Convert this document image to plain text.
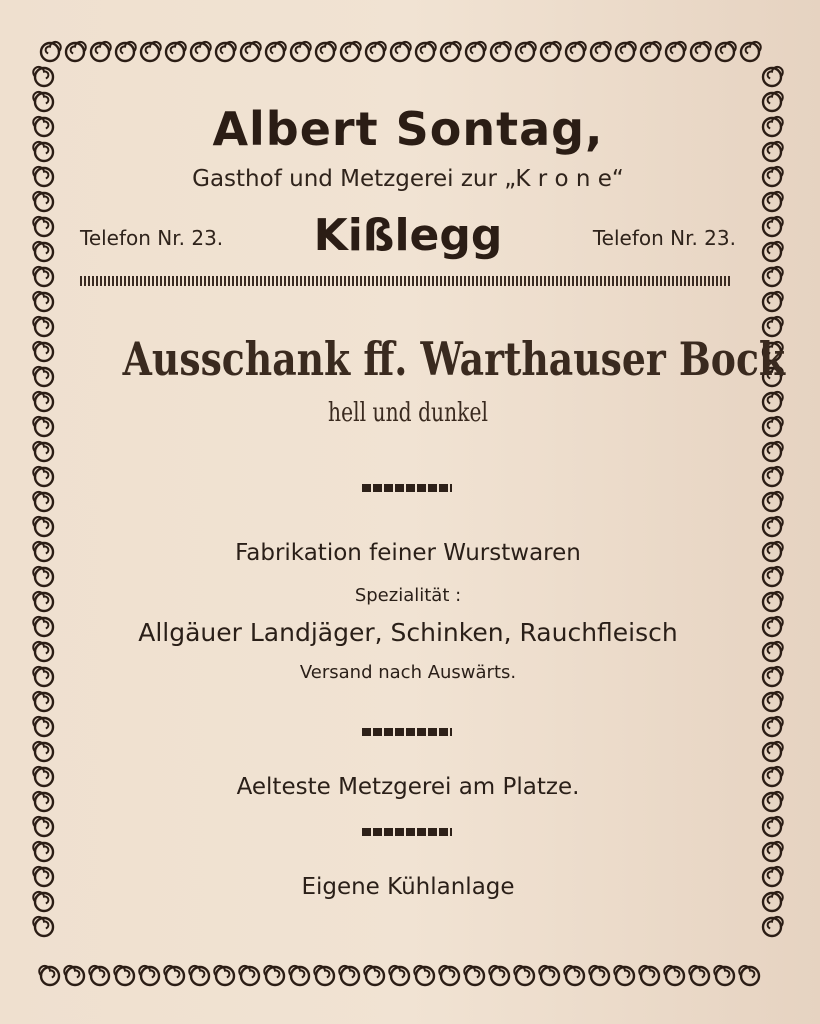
Albert Sontag,
Gasthof und Metzgerei zur „K r o n e“
Telefon Nr. 23.	Kißlegg	Telefon Nr. 23.
Ausschank ff. Warthauser Bock
hell und dunkel
Fabrikation feiner Wurstwaren
Spezialität :
Allgäuer Landjäger, Schinken, Rauchfleisch
Versand nach Auswärts.
Aelteste Metzgerei am Platze.
Eigene Kühlanlage
